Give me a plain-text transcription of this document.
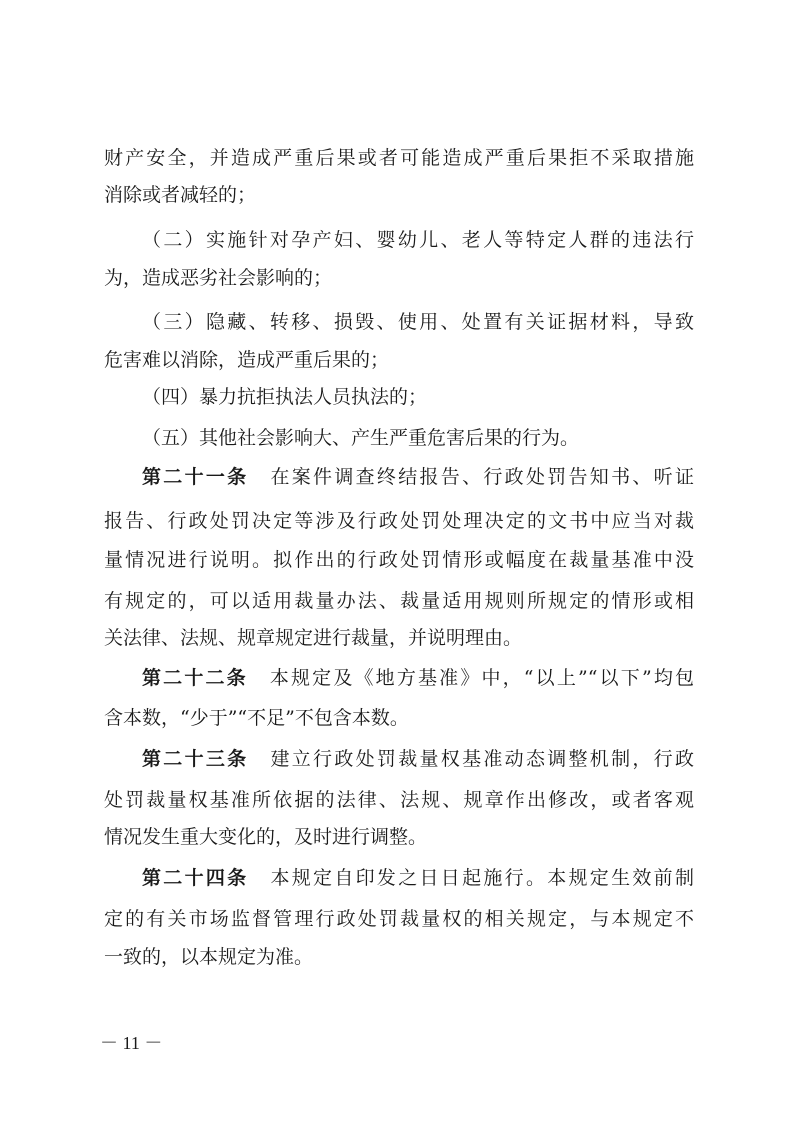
财产安全，并造成严重后果或者可能造成严重后果拒不采取措施
消除或者减轻的；
（二）实施针对孕产妇、婴幼儿、老人等特定人群的违法行
为，造成恶劣社会影响的；
（三）隐藏、转移、损毁、使用、处置有关证据材料，导致
危害难以消除，造成严重后果的；
（四）暴力抗拒执法人员执法的；
（五）其他社会影响大、产生严重危害后果的行为。
第二十一条 在案件调查终结报告、行政处罚告知书、听证
报告、行政处罚决定等涉及行政处罚处理决定的文书中应当对裁
量情况进行说明。拟作出的行政处罚情形或幅度在裁量基准中没
有规定的，可以适用裁量办法、裁量适用规则所规定的情形或相
关法律、法规、规章规定进行裁量，并说明理由。
第二十二条 本规定及《地方基准》中，“以上”“以下”均包
含本数，“少于”“不足”不包含本数。
第二十三条 建立行政处罚裁量权基准动态调整机制，行政
处罚裁量权基准所依据的法律、法规、规章作出修改，或者客观
情况发生重大变化的，及时进行调整。
第二十四条 本规定自印发之日日起施行。本规定生效前制
定的有关市场监督管理行政处罚裁量权的相关规定，与本规定不
一致的，以本规定为准。
－ 11 －
